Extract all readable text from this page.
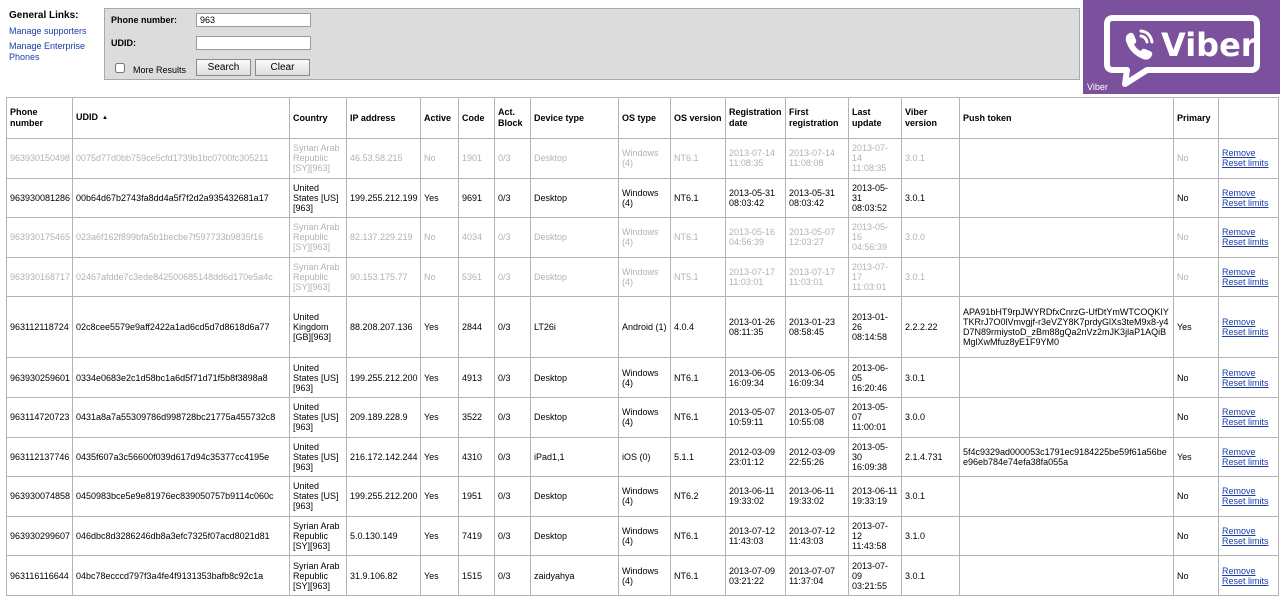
General Links:
Manage supporters
Manage Enterprise Phones
Phone number:
963
UDID:
More Results	Search	Clear
Viber
Viber
Phone number	UDID ▲	Country	IP address	Active	Code	Act. Block	Device type	OS type	OS version	Registration date	First registration	Last update	Viber version	Push token	Primary	
963930150498	0075d77d0bb759ce5cfd1739b1bc0700fc305211	Syrian Arab Republic [SY][963]	46.53.58.215	No	1901	0/3	Desktop	Windows (4)	NT6.1	2013-07-14 11:08:35	2013-07-14 11:08:08	2013-07-14 11:08:35	3.0.1		No	Remove
Reset limits

963930081286	00b64d67b2743fa8dd4a5f7f2d2a935432681a17	United States [US][963]	199.255.212.199	Yes	9691	0/3	Desktop	Windows (4)	NT6.1	2013-05-31 08:03:42	2013-05-31 08:03:42	2013-05-31 08:03:52	3.0.1		No	Remove
Reset limits

963930175465	023a6f162f899bfa5b1becbe7f597733b9835f16	Syrian Arab Republic [SY][963]	82.137.229.219	No	4034	0/3	Desktop	Windows (4)	NT6.1	2013-05-16 04:56:39	2013-05-07 12:03:27	2013-05-16 04:56:39	3.0.0		No	Remove
Reset limits

963930168717	02467afdde7c3ede842500685148dd6d170e5a4c	Syrian Arab Republic [SY][963]	90.153.175.77	No	5361	0/3	Desktop	Windows (4)	NT5.1	2013-07-17 11:03:01	2013-07-17 11:03:01	2013-07-17 11:03:01	3.0.1		No	Remove
Reset limits

963112118724	02c8cee5579e9aff2422a1ad6cd5d7d8618d6a77	United Kingdom [GB][963]	88.208.207.136	Yes	2844	0/3	LT26i	Android (1)	4.0.4	2013-01-26 08:11:35	2013-01-23 08:58:45	2013-01-26 08:14:58	2.2.2.22	APA91bHT9rpJWYRDfxCnrzG-UfDtYmWTCOQKIYTKRrJ7O0lVmvgjf-r3eVZY8K7prdyGlXs3teM9x8-y4D7N89rmiystoD_zBm88gQa2nVz2mJK3jlaP1AQiBMglXwMfuz8yE1F9YM0	Yes	Remove
Reset limits

963930259601	0334e0683e2c1d58bc1a6d5f71d71f5b8f3898a8	United States [US][963]	199.255.212.200	Yes	4913	0/3	Desktop	Windows (4)	NT6.1	2013-06-05 16:09:34	2013-06-05 16:09:34	2013-06-05 16:20:46	3.0.1		No	Remove
Reset limits

963114720723	0431a8a7a55309786d998728bc21775a455732c8	United States [US][963]	209.189.228.9	Yes	3522	0/3	Desktop	Windows (4)	NT6.1	2013-05-07 10:59:11	2013-05-07 10:55:08	2013-05-07 11:00:01	3.0.0		No	Remove
Reset limits

963112137746	0435f607a3c56600f039d617d94c35377cc4195e	United States [US][963]	216.172.142.244	Yes	4310	0/3	iPad1,1	iOS (0)	5.1.1	2012-03-09 23:01:12	2012-03-09 22:55:26	2013-05-30 16:09:38	2.1.4.731	5f4c9329ad000053c1791ec9184225be59f61a56bee96eb784e74efa38fa055a	Yes	Remove
Reset limits

963930074858	0450983bce5e9e81976ec839050757b9114c060c	United States [US][963]	199.255.212.200	Yes	1951	0/3	Desktop	Windows (4)	NT6.2	2013-06-11 19:33:02	2013-06-11 19:33:02	2013-06-11 19:33:19	3.0.1		No	Remove
Reset limits

963930299607	046dbc8d3286246db8a3efc7325f07acd8021d81	Syrian Arab Republic [SY][963]	5.0.130.149	Yes	7419	0/3	Desktop	Windows (4)	NT6.1	2013-07-12 11:43:03	2013-07-12 11:43:03	2013-07-12 11:43:58	3.1.0		No	Remove
Reset limits

963116116644	04bc78ecccd797f3a4fe4f9131353bafb8c92c1a	Syrian Arab Republic [SY][963]	31.9.106.82	Yes	1515	0/3	zaidyahya	Windows (4)	NT6.1	2013-07-09 03:21:22	2013-07-07 11:37:04	2013-07-09 03:21:55	3.0.1		No	Remove
Reset limits
